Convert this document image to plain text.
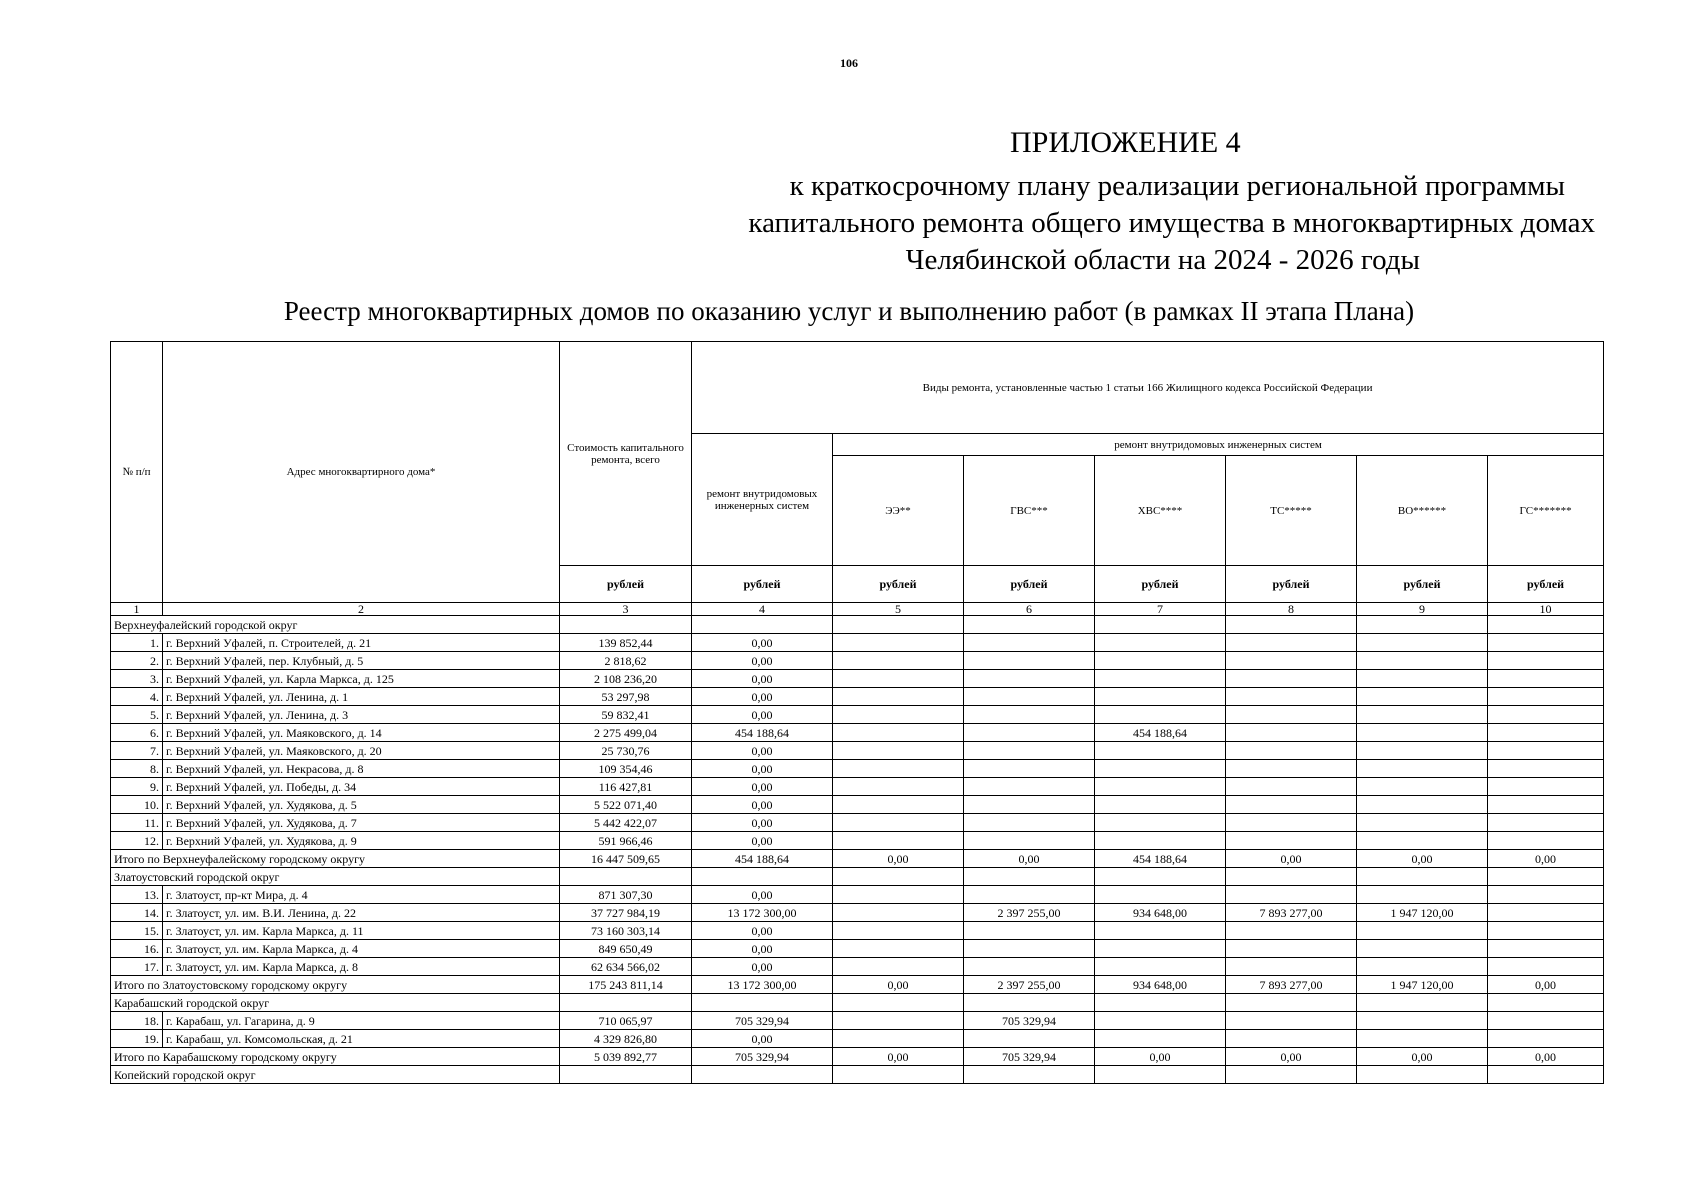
106
ПРИЛОЖЕНИЕ 4
к краткосрочному плану реализации региональной программы
капитального ремонта общего имущества в многоквартирных домах
Челябинской области на 2024 - 2026 годы
Реестр многоквартирных домов по оказанию услуг и выполнению работ (в рамках II этапа Плана)
№ п/п	Адрес многоквартирного дома*	Стоимость капитального ремонта, всего	Виды ремонта, установленные частью 1 статьи 166 Жилищного кодекса Российской Федерации						
			ремонт внутридомовых инженерных систем	ремонт внутридомовых инженерных систем					
				ЭЭ**	ГВС***	ХВС****	ТС*****	ВО******	ГС*******
		рублей	рублей	рублей	рублей	рублей	рублей	рублей	рублей
1	2	3	4	5	6	7	8	9	10
Верхнеуфалейский городской округ									
1.	г. Верхний Уфалей, п. Строителей, д. 21	139 852,44	0,00						
2.	г. Верхний Уфалей, пер. Клубный, д. 5	2 818,62	0,00						
3.	г. Верхний Уфалей, ул. Карла Маркса, д. 125	2 108 236,20	0,00						
4.	г. Верхний Уфалей, ул. Ленина, д. 1	53 297,98	0,00						
5.	г. Верхний Уфалей, ул. Ленина, д. 3	59 832,41	0,00						
6.	г. Верхний Уфалей, ул. Маяковского, д. 14	2 275 499,04	454 188,64			454 188,64			
7.	г. Верхний Уфалей, ул. Маяковского, д. 20	25 730,76	0,00						
8.	г. Верхний Уфалей, ул. Некрасова, д. 8	109 354,46	0,00						
9.	г. Верхний Уфалей, ул. Победы, д. 34	116 427,81	0,00						
10.	г. Верхний Уфалей, ул. Худякова, д. 5	5 522 071,40	0,00						
11.	г. Верхний Уфалей, ул. Худякова, д. 7	5 442 422,07	0,00						
12.	г. Верхний Уфалей, ул. Худякова, д. 9	591 966,46	0,00						
Итого по Верхнеуфалейскому городскому округу		16 447 509,65	454 188,64	0,00	0,00	454 188,64	0,00	0,00	0,00
Златоустовский городской округ									
13.	г. Златоуст, пр-кт Мира, д. 4	871 307,30	0,00						
14.	г. Златоуст, ул. им. В.И. Ленина, д. 22	37 727 984,19	13 172 300,00		2 397 255,00	934 648,00	7 893 277,00	1 947 120,00	
15.	г. Златоуст, ул. им. Карла Маркса, д. 11	73 160 303,14	0,00						
16.	г. Златоуст, ул. им. Карла Маркса, д. 4	849 650,49	0,00						
17.	г. Златоуст, ул. им. Карла Маркса, д. 8	62 634 566,02	0,00						
Итого по Златоустовскому городскому округу		175 243 811,14	13 172 300,00	0,00	2 397 255,00	934 648,00	7 893 277,00	1 947 120,00	0,00
Карабашский городской округ									
18.	г. Карабаш, ул. Гагарина, д. 9	710 065,97	705 329,94		705 329,94				
19.	г. Карабаш, ул. Комсомольская, д. 21	4 329 826,80	0,00						
Итого по Карабашскому городскому округу		5 039 892,77	705 329,94	0,00	705 329,94	0,00	0,00	0,00	0,00
Копейский городской округ									
